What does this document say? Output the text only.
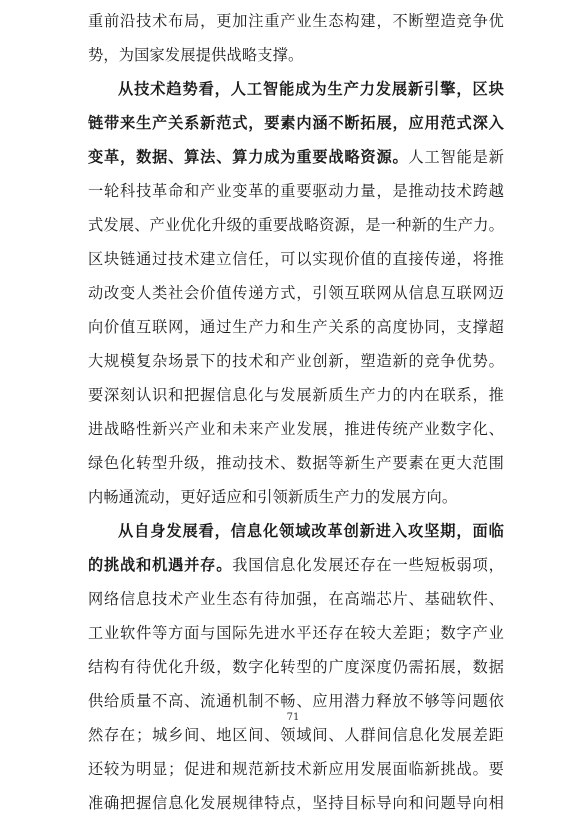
重前沿技术布局，更加注重产业生态构建，不断塑造竞争优
势，为国家发展提供战略支撑。
从技术趋势看，人工智能成为生产力发展新引擎，区块
链带来生产关系新范式，要素内涵不断拓展，应用范式深入
变革，数据、算法、算力成为重要战略资源。人工智能是新
一轮科技革命和产业变革的重要驱动力量，是推动技术跨越
式发展、产业优化升级的重要战略资源，是一种新的生产力。
区块链通过技术建立信任，可以实现价值的直接传递，将推
动改变人类社会价值传递方式，引领互联网从信息互联网迈
向价值互联网，通过生产力和生产关系的高度协同，支撑超
大规模复杂场景下的技术和产业创新，塑造新的竞争优势。
要深刻认识和把握信息化与发展新质生产力的内在联系，推
进战略性新兴产业和未来产业发展，推进传统产业数字化、
绿色化转型升级，推动技术、数据等新生产要素在更大范围
内畅通流动，更好适应和引领新质生产力的发展方向。
从自身发展看，信息化领域改革创新进入攻坚期，面临
的挑战和机遇并存。我国信息化发展还存在一些短板弱项，
网络信息技术产业生态有待加强，在高端芯片、基础软件、
工业软件等方面与国际先进水平还存在较大差距；数字产业
结构有待优化升级，数字化转型的广度深度仍需拓展，数据
供给质量不高、流通机制不畅、应用潜力释放不够等问题依
然存在；城乡间、地区间、领域间、人群间信息化发展差距
还较为明显；促进和规范新技术新应用发展面临新挑战。要
准确把握信息化发展规律特点，坚持目标导向和问题导向相
71
